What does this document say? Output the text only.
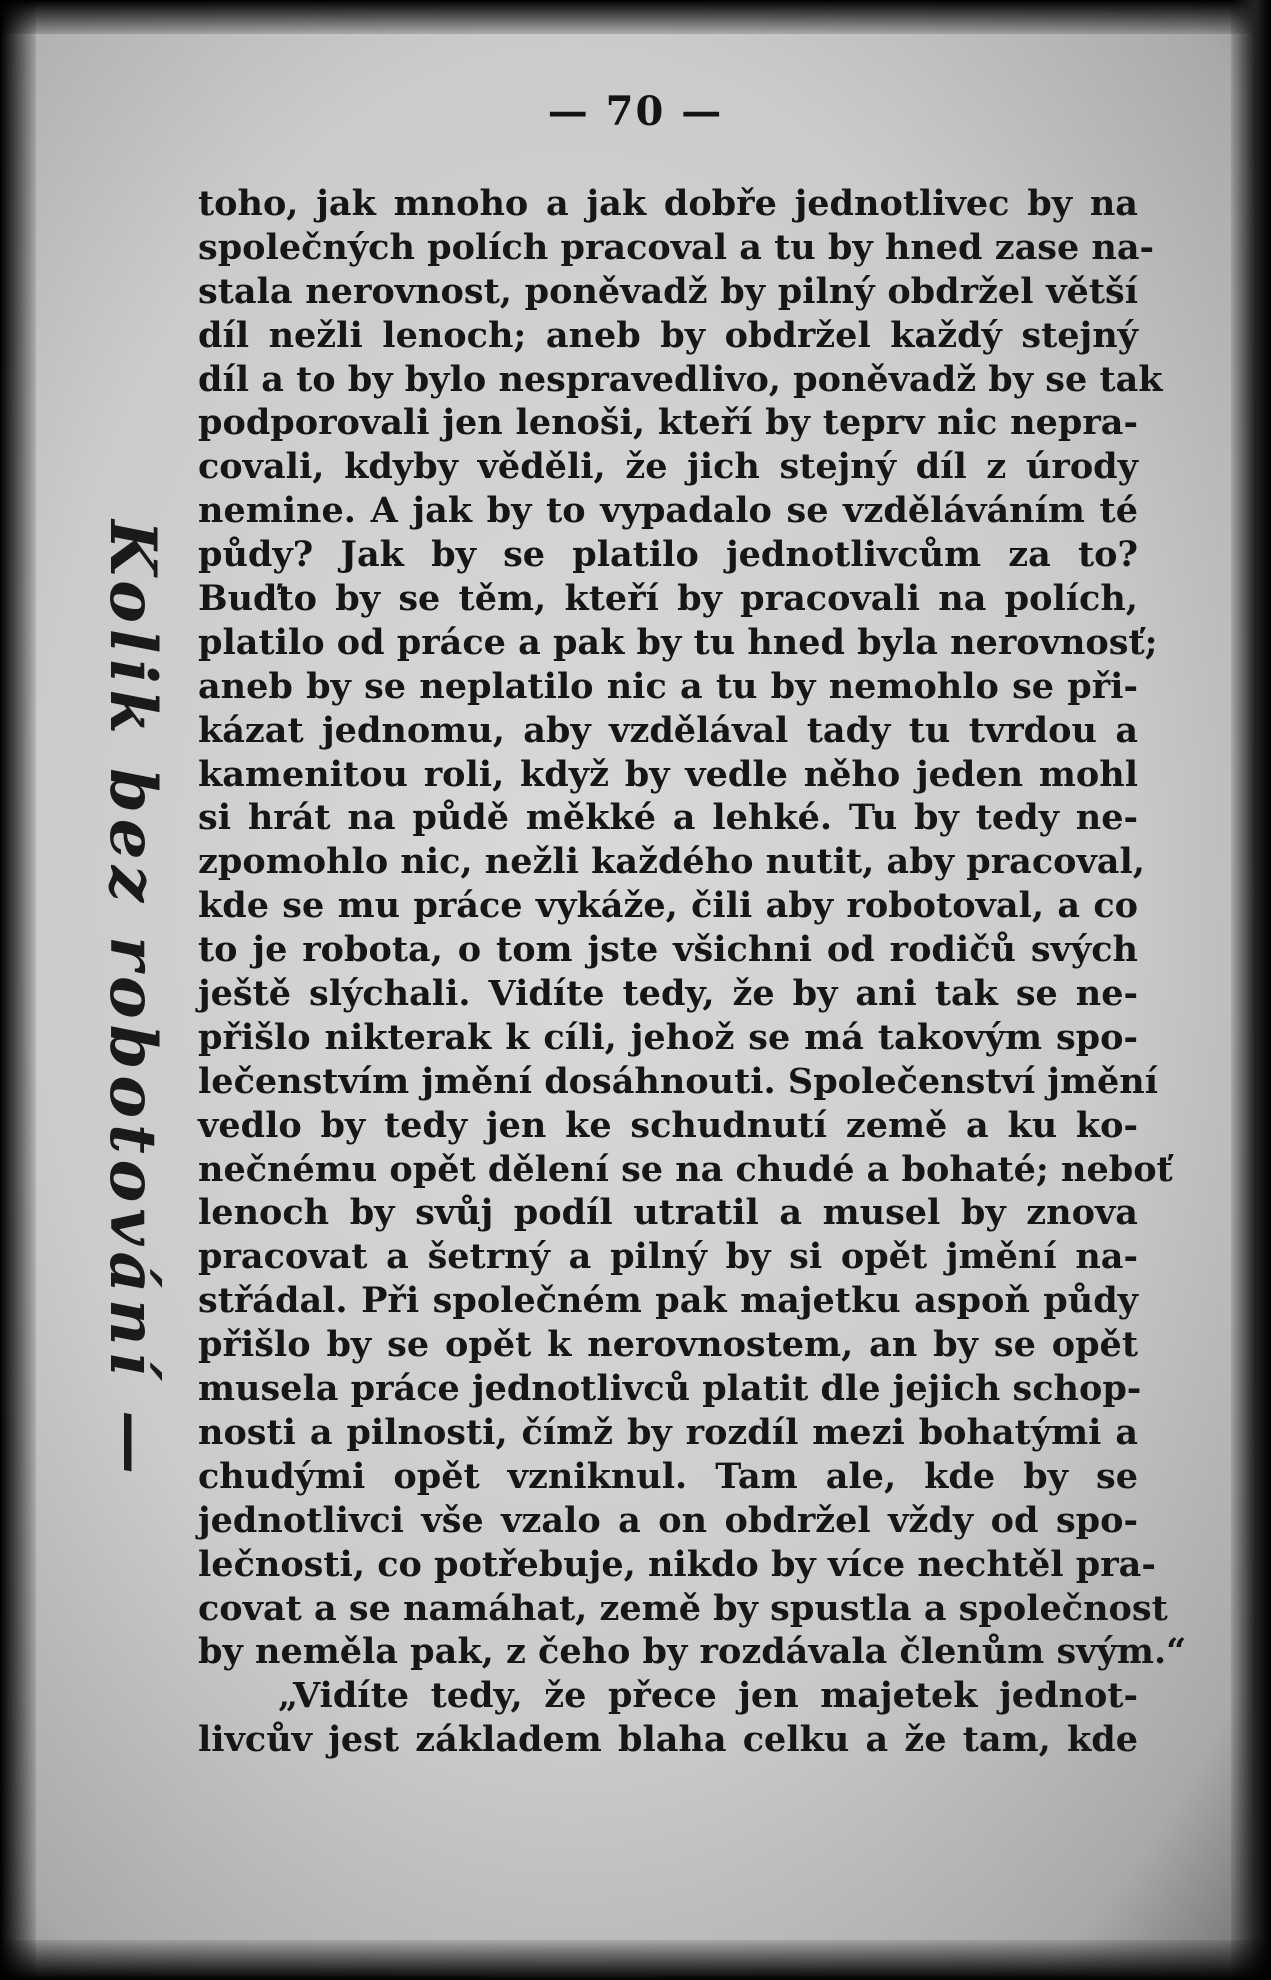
— 70 —
Kolik bez robotování —
toho, jak mnoho a jak dobře jednotlivec by na
společných polích pracoval a tu by hned zase na-
stala nerovnost, poněvadž by pilný obdržel větší
díl nežli lenoch; aneb by obdržel každý stejný
díl a to by bylo nespravedlivo, poněvadž by se tak
podporovali jen lenoši, kteří by teprv nic nepra-
covali, kdyby věděli, že jich stejný díl z úrody
nemine. A jak by to vypadalo se vzděláváním té
půdy? Jak by se platilo jednotlivcům za to?
Buďto by se těm, kteří by pracovali na polích,
platilo od práce a pak by tu hned byla nerovnosť;
aneb by se neplatilo nic a tu by nemohlo se při-
kázat jednomu, aby vzdělával tady tu tvrdou a
kamenitou roli, když by vedle něho jeden mohl
si hrát na půdě měkké a lehké. Tu by tedy ne-
zpomohlo nic, nežli každého nutit, aby pracoval,
kde se mu práce vykáže, čili aby robotoval, a co
to je robota, o tom jste všichni od rodičů svých
ještě slýchali. Vidíte tedy, že by ani tak se ne-
přišlo nikterak k cíli, jehož se má takovým spo-
lečenstvím jmění dosáhnouti. Společenství jmění
vedlo by tedy jen ke schudnutí země a ku ko-
nečnému opět dělení se na chudé a bohaté; neboť
lenoch by svůj podíl utratil a musel by znova
pracovat a šetrný a pilný by si opět jmění na-
střádal. Při společném pak majetku aspoň půdy
přišlo by se opět k nerovnostem, an by se opět
musela práce jednotlivců platit dle jejich schop-
nosti a pilnosti, čímž by rozdíl mezi bohatými a
chudými opět vzniknul. Tam ale, kde by se
jednotlivci vše vzalo a on obdržel vždy od spo-
lečnosti, co potřebuje, nikdo by více nechtěl pra-
covat a se namáhat, země by spustla a společnost
by neměla pak, z čeho by rozdávala členům svým.“
„Vidíte tedy, že přece jen majetek jednot-
livcův jest základem blaha celku a že tam, kde
